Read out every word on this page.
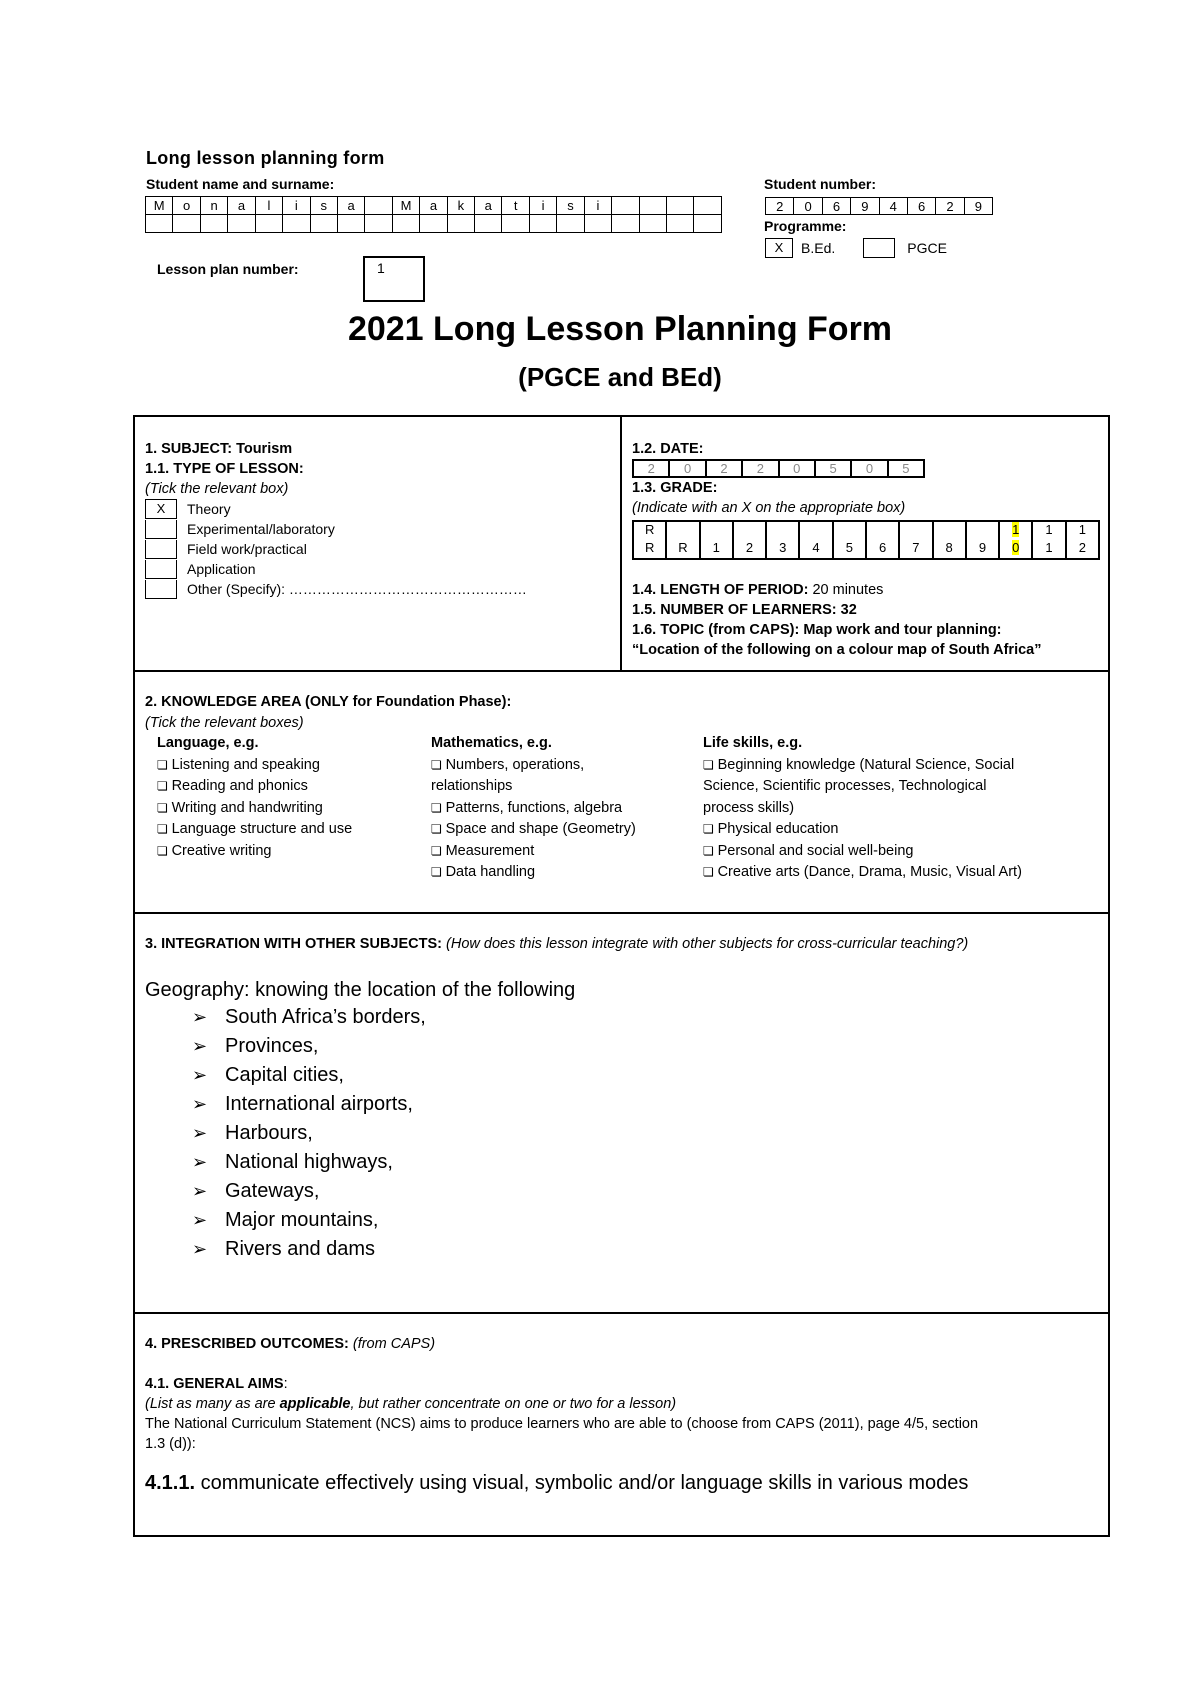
Long lesson planning form
Student name and surname:
M	o	n	a	l	i	s	a		M	a	k	a	t	i	s	i				

Lesson plan number:	1
Student number:
2	0	6	9	4	6	2	9
Programme:
X	B.Ed.	PGCE
2021 Long Lesson Planning Form
(PGCE and BEd)
1. SUBJECT: Tourism
1.1. TYPE OF LESSON:
(Tick the relevant box)
X	Theory
Experimental/laboratory
Field work/practical
Application
Other (Specify): ……………………………………………

1.2. DATE:
2	0	2	2	0	5	0	5
1.3. GRADE:
(Indicate with an X on the appropriate box)
R											1	1	1
R	R	1	2	3	4	5	6	7	8	9	0	1	2
1.4. LENGTH OF PERIOD: 20 minutes
1.5. NUMBER OF LEARNERS: 32
1.6. TOPIC (from CAPS): Map work and tour planning:
“Location of the following on a colour map of South Africa”

2. KNOWLEDGE AREA (ONLY for Foundation Phase):
(Tick the relevant boxes)
Language, e.g.
❏ Listening and speaking
❏ Reading and phonics
❏ Writing and handwriting
❏ Language structure and use
❏ Creative writing
Mathematics, e.g.
❏ Numbers, operations,
relationships
❏ Patterns, functions, algebra
❏ Space and shape (Geometry)
❏ Measurement
❏ Data handling
Life skills, e.g.
❏ Beginning knowledge (Natural Science, Social
Science, Scientific processes, Technological
process skills)
❏ Physical education
❏ Personal and social well-being
❏ Creative arts (Dance, Drama, Music, Visual Art)

3. INTEGRATION WITH OTHER SUBJECTS: (How does this lesson integrate with other subjects for cross-curricular teaching?)
Geography: knowing the location of the following
➢ South Africa’s borders,
➢ Provinces,
➢ Capital cities,
➢ International airports,
➢ Harbours,
➢ National highways,
➢ Gateways,
➢ Major mountains,
➢ Rivers and dams

4. PRESCRIBED OUTCOMES: (from CAPS)
4.1. GENERAL AIMS:
(List as many as are applicable, but rather concentrate on one or two for a lesson)
The National Curriculum Statement (NCS) aims to produce learners who are able to (choose from CAPS (2011), page 4/5, section
1.3 (d)):
4.1.1. communicate effectively using visual, symbolic and/or language skills in various modes
